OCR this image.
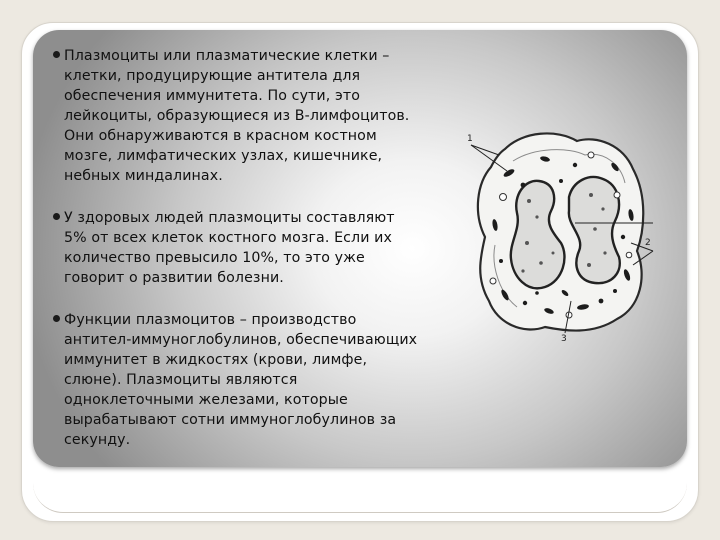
Плазмоциты или плазматические клетки –
клетки, продуцирующие антитела для
обеспечения иммунитета. По сути, это
лейкоциты, образующиеся из В-лимфоцитов.
Они обнаруживаются в красном костном
мозге, лимфатических узлах, кишечнике,
небных миндалинах.
У здоровых людей плазмоциты составляют
5% от всех клеток костного мозга. Если их
количество превысило 10%, то это уже
говорит о развитии болезни.
Функции плазмоцитов – производство
антител-иммуноглобулинов, обеспечивающих
иммунитет в жидкостях (крови, лимфе,
слюне). Плазмоциты являются
одноклеточными железами, которые
вырабатывают сотни иммуноглобулинов за
секунду.
1
2
3
